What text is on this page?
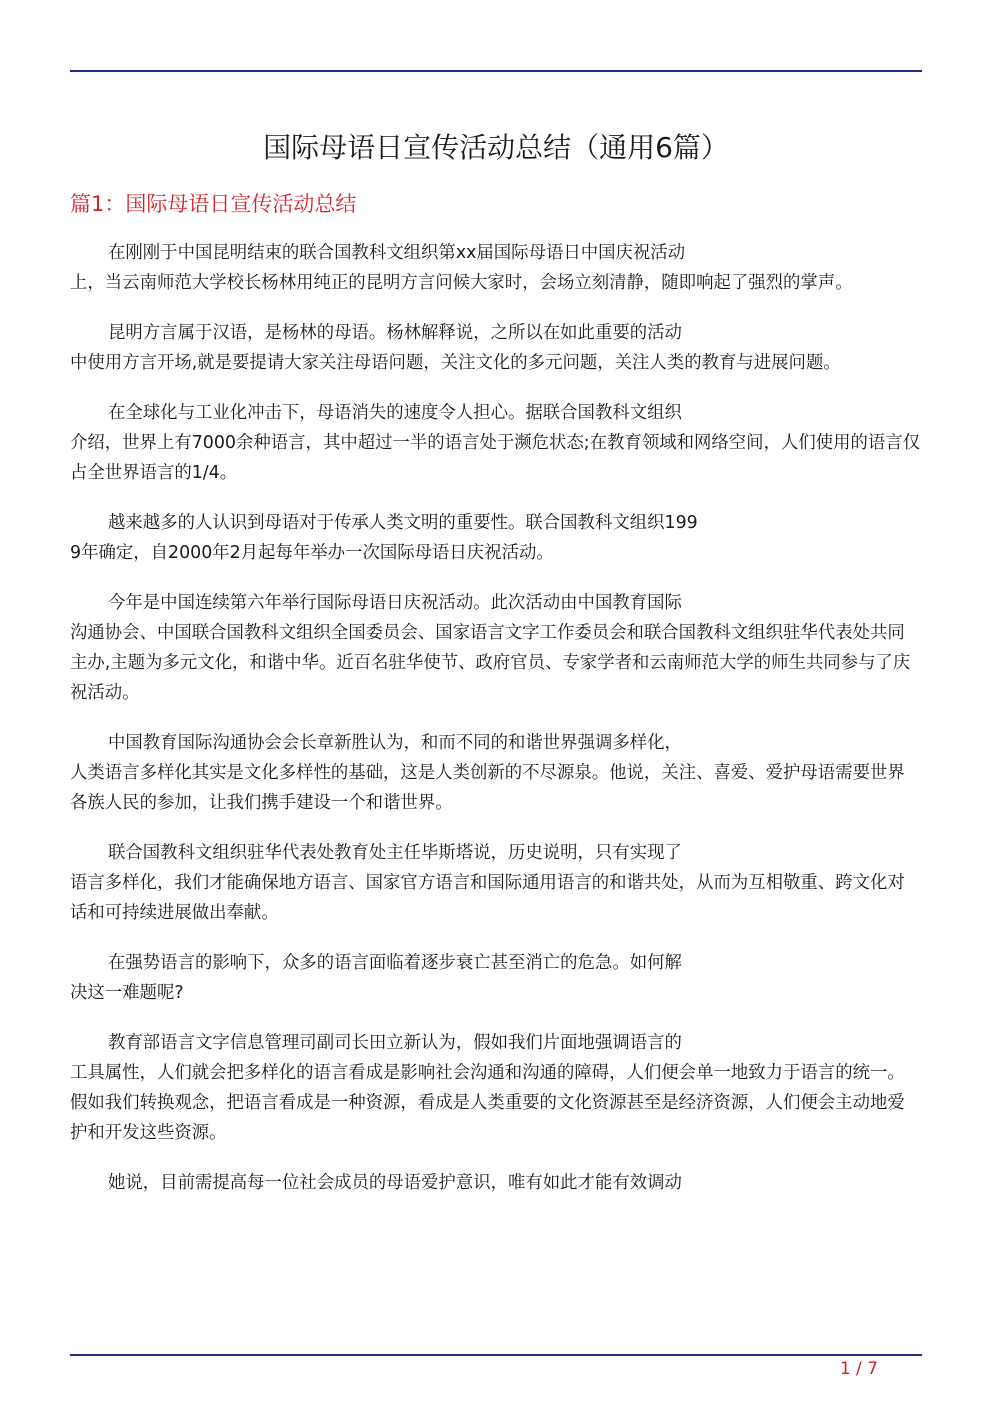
国际母语日宣传活动总结（通用6篇）
篇1：国际母语日宣传活动总结

在刚刚于中国昆明结束的联合国教科文组织第xx届国际母语日中国庆祝活动
上，当云南师范大学校长杨林用纯正的昆明方言问候大家时，会场立刻清静，随即响起了强烈的掌声。

昆明方言属于汉语，是杨林的母语。杨林解释说，之所以在如此重要的活动
中使用方言开场,就是要提请大家关注母语问题，关注文化的多元问题，关注人类的教育与进展问题。

在全球化与工业化冲击下，母语消失的速度令人担心。据联合国教科文组织
介绍，世界上有7000余种语言，其中超过一半的语言处于濒危状态;在教育领域和网络空间，人们使用的语言仅占全世界语言的1/4。

越来越多的人认识到母语对于传承人类文明的重要性。联合国教科文组织199
9年确定，自2000年2月起每年举办一次国际母语日庆祝活动。

今年是中国连续第六年举行国际母语日庆祝活动。此次活动由中国教育国际
沟通协会、中国联合国教科文组织全国委员会、国家语言文字工作委员会和联合国教科文组织驻华代表处共同主办,主题为多元文化，和谐中华。近百名驻华使节、政府官员、专家学者和云南师范大学的师生共同参与了庆祝活动。

中国教育国际沟通协会会长章新胜认为，和而不同的和谐世界强调多样化，
人类语言多样化其实是文化多样性的基础，这是人类创新的不尽源泉。他说，关注、喜爱、爱护母语需要世界各族人民的参加，让我们携手建设一个和谐世界。

联合国教科文组织驻华代表处教育处主任毕斯塔说，历史说明，只有实现了
语言多样化，我们才能确保地方语言、国家官方语言和国际通用语言的和谐共处，从而为互相敬重、跨文化对话和可持续进展做出奉献。

在强势语言的影响下，众多的语言面临着逐步衰亡甚至消亡的危急。如何解
决这一难题呢?

教育部语言文字信息管理司副司长田立新认为，假如我们片面地强调语言的
工具属性，人们就会把多样化的语言看成是影响社会沟通和沟通的障碍，人们便会单一地致力于语言的统一。假如我们转换观念，把语言看成是一种资源，看成是人类重要的文化资源甚至是经济资源，人们便会主动地爱护和开发这些资源。

她说，目前需提高每一位社会成员的母语爱护意识，唯有如此才能有效调动

1 / 7
